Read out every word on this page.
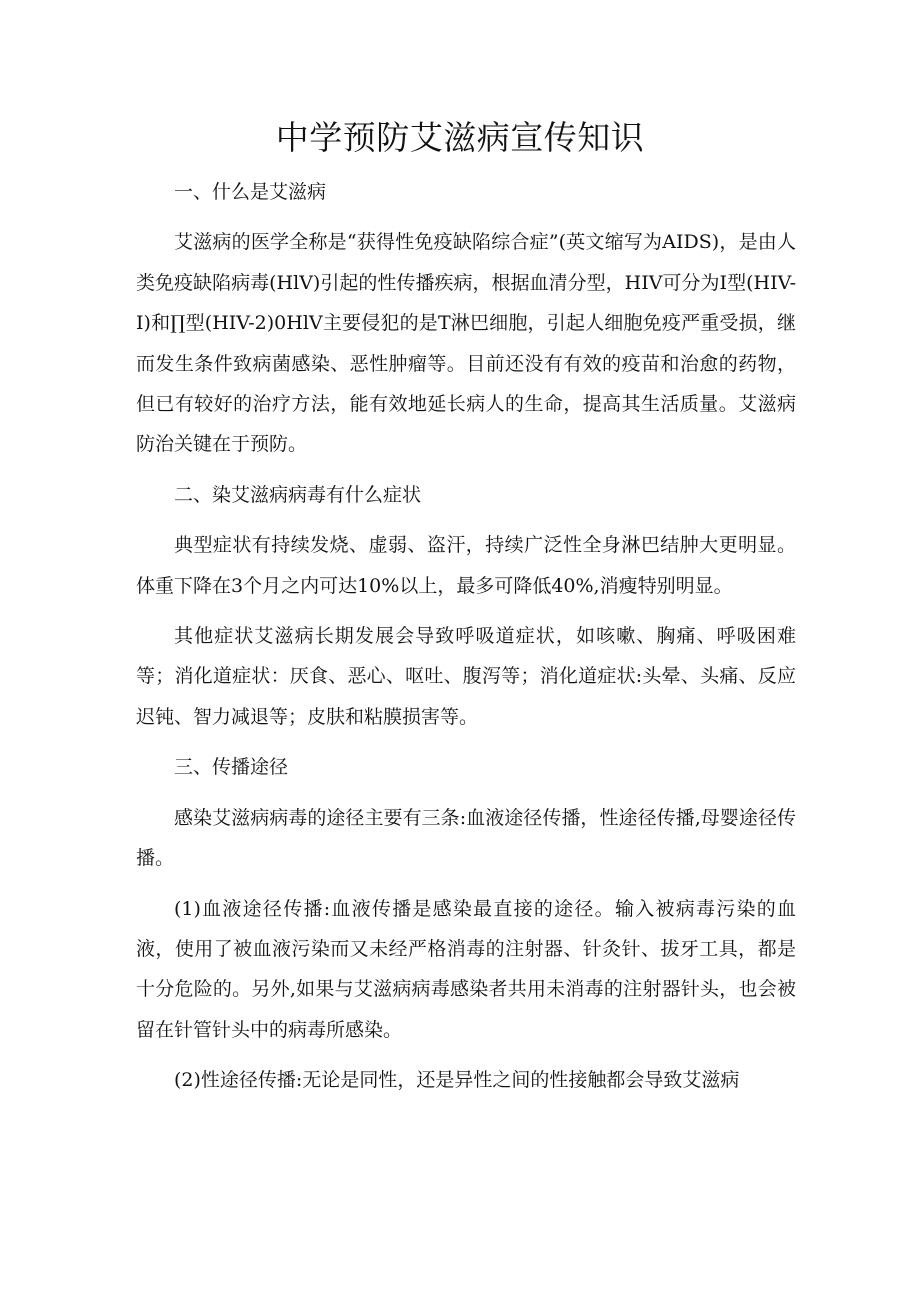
中学预防艾滋病宣传知识

一、什么是艾滋病

艾滋病的医学全称是“获得性免疫缺陷综合症”(英文缩写为AIDS)，是由人类免疫缺陷病毒(HlV)引起的性传播疾病，根据血清分型，HIV可分为I型(HIV-I)和∏型(HIV-2)0HlV主要侵犯的是T淋巴细胞，引起人细胞免疫严重受损，继而发生条件致病菌感染、恶性肿瘤等。目前还没有有效的疫苗和治愈的药物，但已有较好的治疗方法，能有效地延长病人的生命，提高其生活质量。艾滋病防治关键在于预防。

二、染艾滋病病毒有什么症状

典型症状有持续发烧、虚弱、盗汗，持续广泛性全身淋巴结肿大更明显。体重下降在3个月之内可达10%以上，最多可降低40%,消瘦特别明显。

其他症状艾滋病长期发展会导致呼吸道症状，如咳嗽、胸痛、呼吸困难等；消化道症状：厌食、恶心、呕吐、腹泻等；消化道症状:头晕、头痛、反应迟钝、智力减退等；皮肤和粘膜损害等。

三、传播途径

感染艾滋病病毒的途径主要有三条:血液途径传播，性途径传播,母婴途径传播。

(1)血液途径传播:血液传播是感染最直接的途径。输入被病毒污染的血液，使用了被血液污染而又未经严格消毒的注射器、针灸针、拔牙工具，都是十分危险的。另外,如果与艾滋病病毒感染者共用未消毒的注射器针头，也会被留在针管针头中的病毒所感染。

(2)性途径传播:无论是同性，还是异性之间的性接触都会导致艾滋病
